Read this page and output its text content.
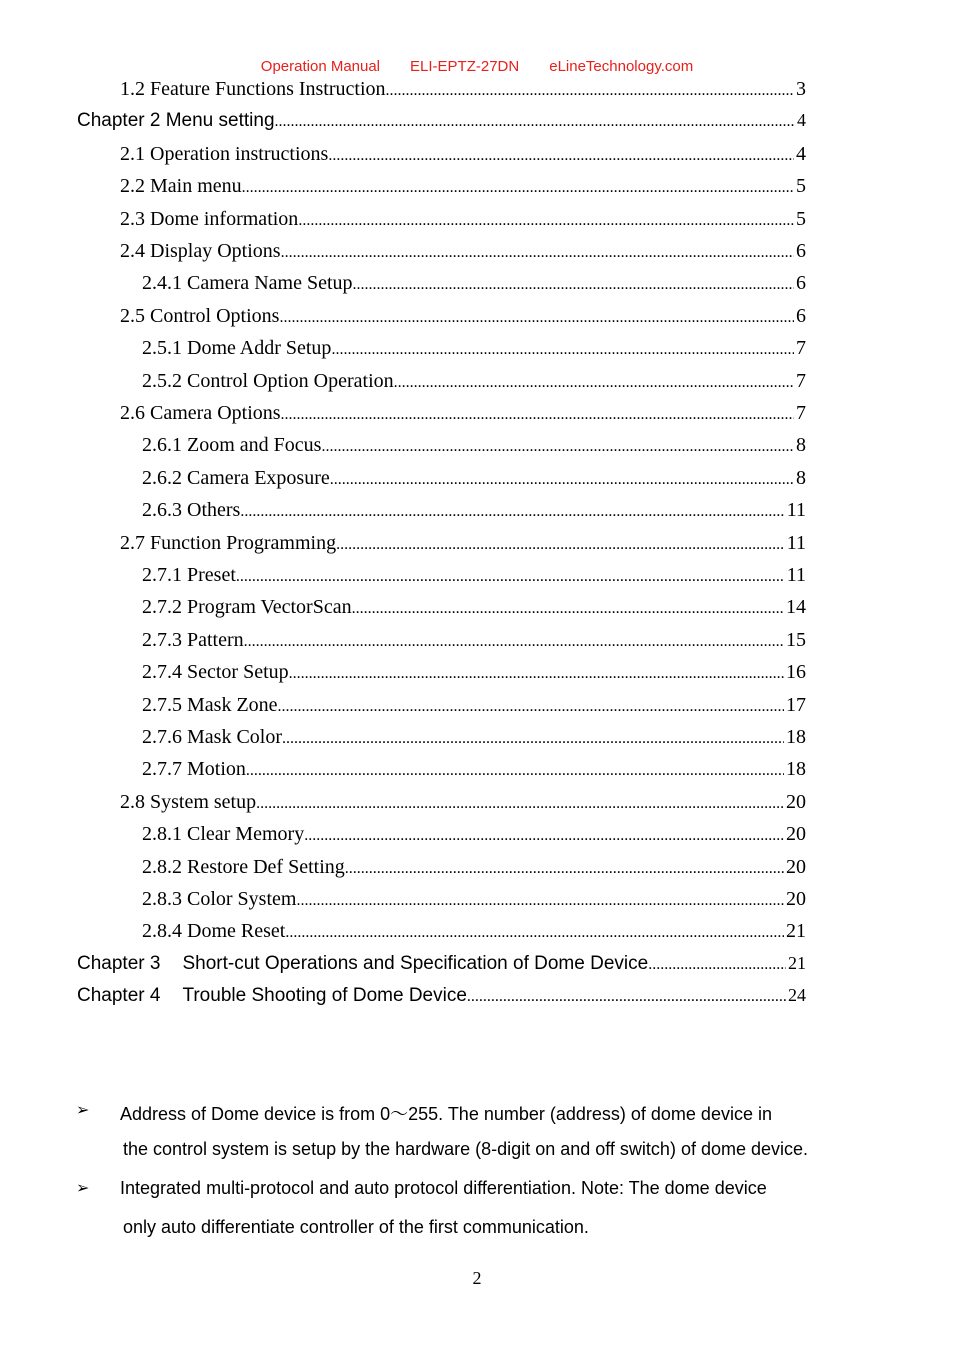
Operation Manual ELI-EPTZ-27DN eLineTechnology.com
1.2 Feature Functions Instruction .....	3
Chapter 2 Menu setting .....	4
2.1 Operation instructions .....	4
2.2 Main menu .....	5
2.3 Dome information .....	5
2.4 Display Options .....	6
2.4.1 Camera Name Setup .....	6
2.5 Control Options .....	6
2.5.1 Dome Addr Setup .....	7
2.5.2 Control Option Operation .....	7
2.6 Camera Options .....	7
2.6.1 Zoom and Focus .....	8
2.6.2 Camera Exposure .....	8
2.6.3 Others .....	11
2.7 Function Programming .....	11
2.7.1 Preset .....	11
2.7.2 Program VectorScan .....	14
2.7.3 Pattern .....	15
2.7.4 Sector Setup .....	16
2.7.5 Mask Zone .....	17
2.7.6 Mask Color .....	18
2.7.7 Motion .....	18
2.8 System setup .....	20
2.8.1 Clear Memory .....	20
2.8.2 Restore Def Setting .....	20
2.8.3 Color System .....	20
2.8.4 Dome Reset .....	21
Chapter 3 Short-cut Operations and Specification of Dome Device .....	21
Chapter 4 Trouble Shooting of Dome Device .....	24
➢ Address of Dome device is from 0～255. The number (address) of dome device in
the control system is setup by the hardware (8-digit on and off switch) of dome device.
➢ Integrated multi-protocol and auto protocol differentiation. Note: The dome device
only auto differentiate controller of the first communication.
2
